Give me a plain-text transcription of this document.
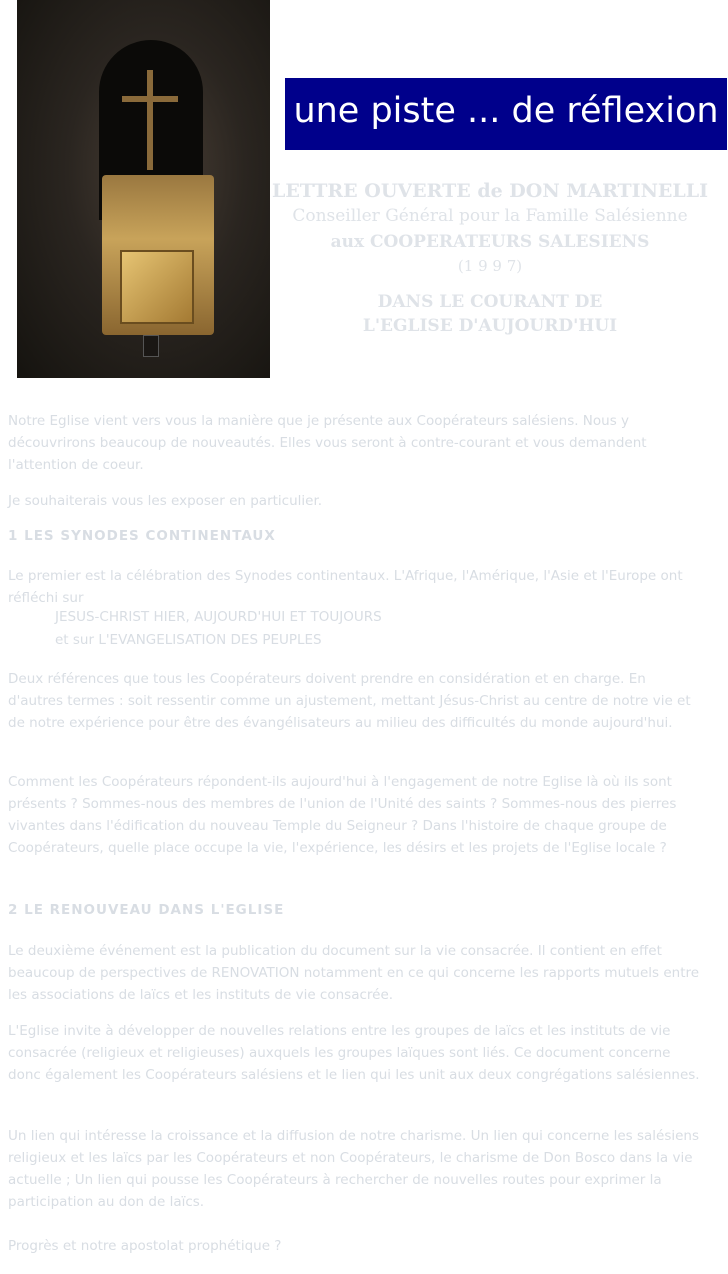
une piste ... de réflexion
LETTRE OUVERTE de DON MARTINELLI
Conseiller Général pour la Famille Salésienne
aux COOPERATEURS SALESIENS
(1 9 9 7)
DANS LE COURANT DE
L'EGLISE D'AUJOURD'HUI

Notre Eglise vient vers vous la manière que je présente aux Coopérateurs salésiens. Nous y découvrirons beaucoup de nouveautés. Elles vous seront à contre-courant et vous demandent l'attention de coeur.

Je souhaiterais vous les exposer en particulier.

1 LES SYNODES CONTINENTAUX

Le premier est la célébration des Synodes continentaux. L'Afrique, l'Amérique, l'Asie et l'Europe ont réfléchi sur

JESUS-CHRIST HIER, AUJOURD'HUI ET TOUJOURS
et sur L'EVANGELISATION DES PEUPLES

Deux références que tous les Coopérateurs doivent prendre en considération et en charge. En d'autres termes : soit ressentir comme un ajustement, mettant Jésus-Christ au centre de notre vie et de notre expérience pour être des évangélisateurs au milieu des difficultés du monde aujourd'hui.

Comment les Coopérateurs répondent-ils aujourd'hui à l'engagement de notre Eglise là où ils sont présents ? Sommes-nous des membres de l'union de l'Unité des saints ? Sommes-nous des pierres vivantes dans l'édification du nouveau Temple du Seigneur ? Dans l'histoire de chaque groupe de Coopérateurs, quelle place occupe la vie, l'expérience, les désirs et les projets de l'Eglise locale ?

2 LE RENOUVEAU DANS L'EGLISE

Le deuxième événement est la publication du document sur la vie consacrée. Il contient en effet beaucoup de perspectives de RENOVATION notamment en ce qui concerne les rapports mutuels entre les associations de laïcs et les instituts de vie consacrée.

L'Eglise invite à développer de nouvelles relations entre les groupes de laïcs et les instituts de vie consacrée (religieux et religieuses) auxquels les groupes laïques sont liés. Ce document concerne donc également les Coopérateurs salésiens et le lien qui les unit aux deux congrégations salésiennes.

Un lien qui intéresse la croissance et la diffusion de notre charisme. Un lien qui concerne les salésiens religieux et les laïcs par les Coopérateurs et non Coopérateurs, le charisme de Don Bosco dans la vie actuelle ; Un lien qui pousse les Coopérateurs à rechercher de nouvelles routes pour exprimer la participation au don de laïcs.

Progrès et notre apostolat prophétique ?
